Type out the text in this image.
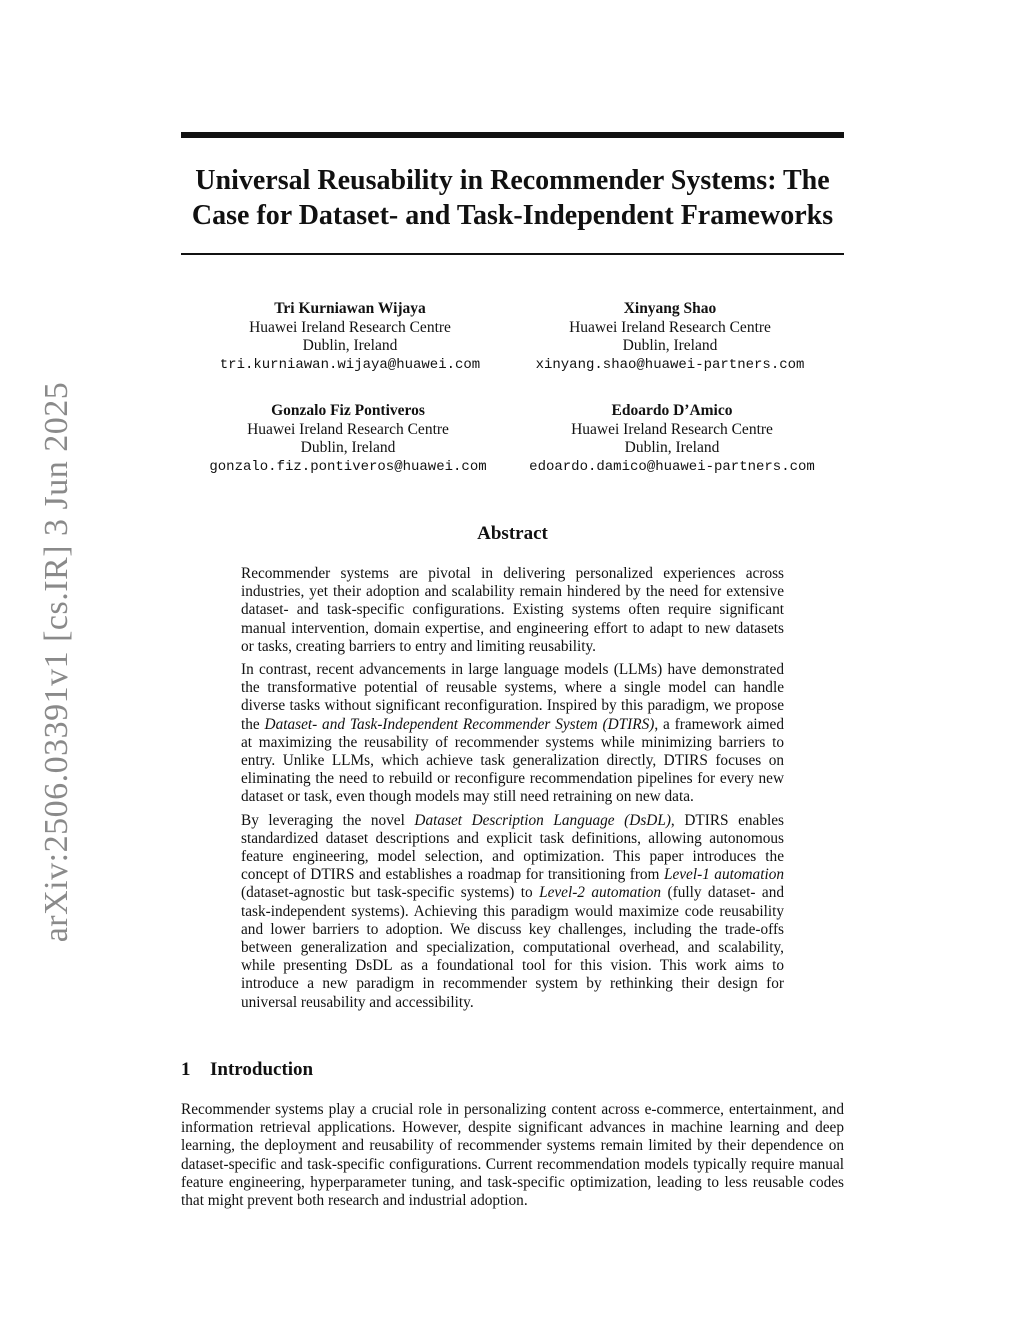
arXiv:2506.03391v1 [cs.IR] 3 Jun 2025
Universal Reusability in Recommender Systems: The Case for Dataset- and Task-Independent Frameworks
Tri Kurniawan Wijaya
Huawei Ireland Research Centre
Dublin, Ireland
tri.kurniawan.wijaya@huawei.com
Xinyang Shao
Huawei Ireland Research Centre
Dublin, Ireland
xinyang.shao@huawei-partners.com
Gonzalo Fiz Pontiveros
Huawei Ireland Research Centre
Dublin, Ireland
gonzalo.fiz.pontiveros@huawei.com
Edoardo D’Amico
Huawei Ireland Research Centre
Dublin, Ireland
edoardo.damico@huawei-partners.com
Abstract

Recommender systems are pivotal in delivering personalized experiences across industries, yet their adoption and scalability remain hindered by the need for extensive dataset- and task-specific configurations. Existing systems often require significant manual intervention, domain expertise, and engineering effort to adapt to new datasets or tasks, creating barriers to entry and limiting reusability.

In contrast, recent advancements in large language models (LLMs) have demonstrated the transformative potential of reusable systems, where a single model can handle diverse tasks without significant reconfiguration. Inspired by this paradigm, we propose the Dataset- and Task-Independent Recommender System (DTIRS), a framework aimed at maximizing the reusability of recommender systems while minimizing barriers to entry. Unlike LLMs, which achieve task generalization directly, DTIRS focuses on eliminating the need to rebuild or reconfigure recommendation pipelines for every new dataset or task, even though models may still need retraining on new data.

By leveraging the novel Dataset Description Language (DsDL), DTIRS enables standardized dataset descriptions and explicit task definitions, allowing autonomous feature engineering, model selection, and optimization. This paper introduces the concept of DTIRS and establishes a roadmap for transitioning from Level-1 automation (dataset-agnostic but task-specific systems) to Level-2 automation (fully dataset- and task-independent systems). Achieving this paradigm would maximize code reusability and lower barriers to adoption. We discuss key challenges, including the trade-offs between generalization and specialization, computational overhead, and scalability, while presenting DsDL as a foundational tool for this vision. This work aims to introduce a new paradigm in recommender system by rethinking their design for universal reusability and accessibility.

1 Introduction

Recommender systems play a crucial role in personalizing content across e-commerce, entertainment, and information retrieval applications. However, despite significant advances in machine learning and deep learning, the deployment and reusability of recommender systems remain limited by their dependence on dataset-specific and task-specific configurations. Current recommendation models typically require manual feature engineering, hyperparameter tuning, and task-specific optimization, leading to less reusable codes that might prevent both research and industrial adoption.
